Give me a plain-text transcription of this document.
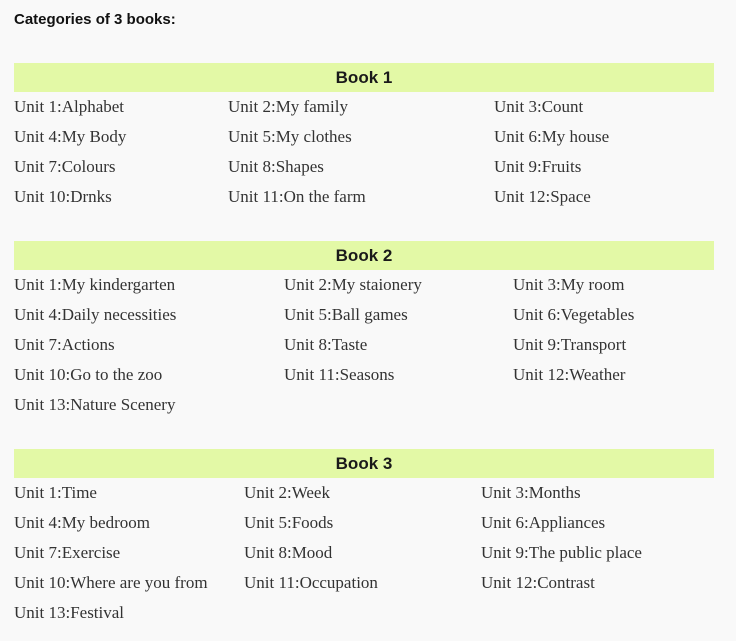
Categories of 3 books:
Book 1
Unit 1:Alphabet	Unit 2:My family	Unit 3:Count
Unit 4:My Body	Unit 5:My clothes	Unit 6:My house
Unit 7:Colours	Unit 8:Shapes	Unit 9:Fruits
Unit 10:Drnks	Unit 11:On the farm	Unit 12:Space
Book 2
Unit 1:My kindergarten	Unit 2:My staionery	Unit 3:My room
Unit 4:Daily necessities	Unit 5:Ball games	Unit 6:Vegetables
Unit 7:Actions	Unit 8:Taste	Unit 9:Transport
Unit 10:Go to the zoo	Unit 11:Seasons	Unit 12:Weather
Unit 13:Nature Scenery
Book 3
Unit 1:Time	Unit 2:Week	Unit 3:Months
Unit 4:My bedroom	Unit 5:Foods	Unit 6:Appliances
Unit 7:Exercise	Unit 8:Mood	Unit 9:The public place
Unit 10:Where are you from Unit 11:Occupation	Unit 12:Contrast
Unit 13:Festival
